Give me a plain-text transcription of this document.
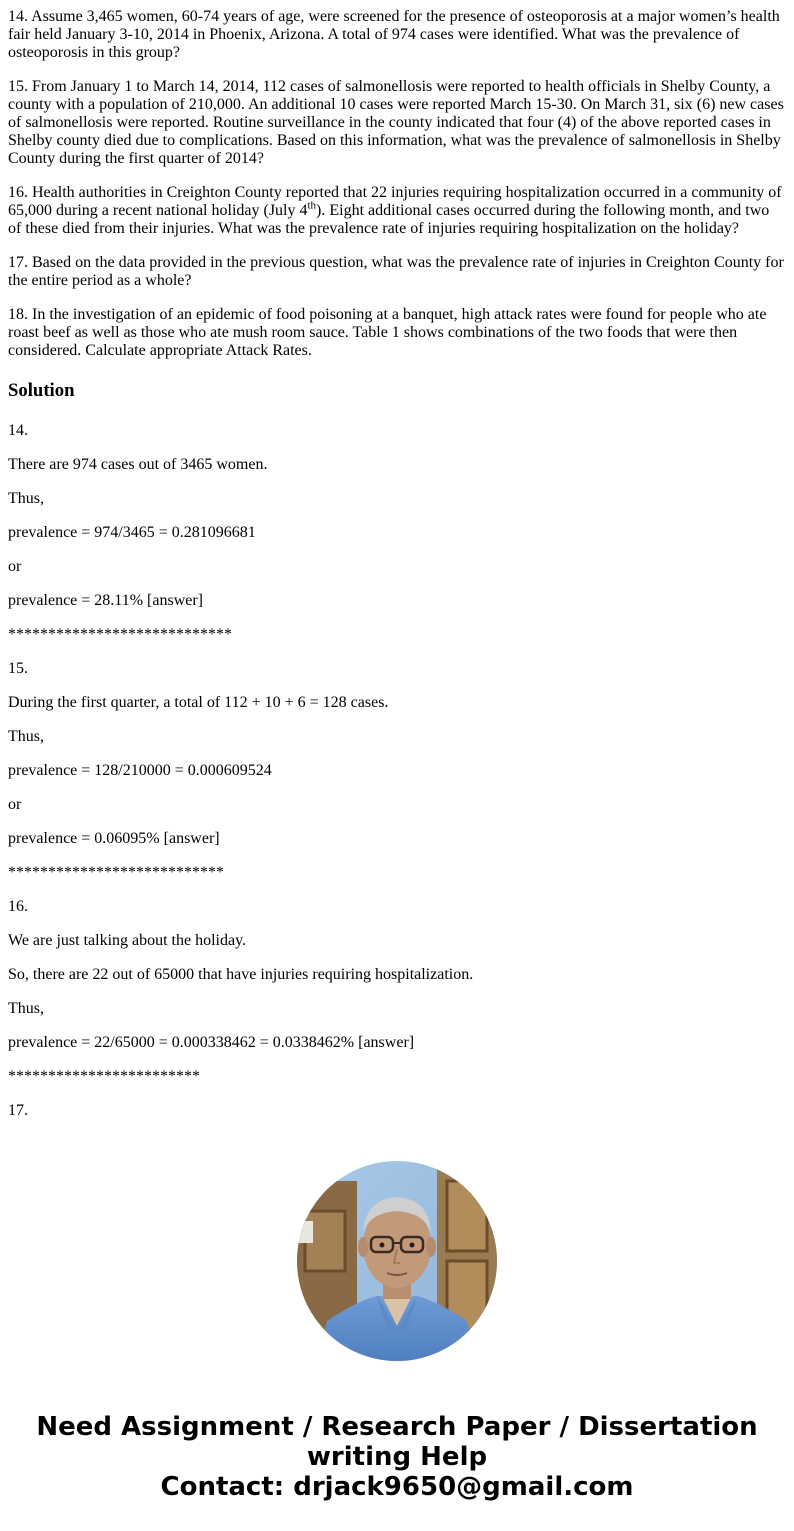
14. Assume 3,465 women, 60-74 years of age, were screened for the presence of osteoporosis at a major women’s health fair held January 3-10, 2014 in Phoenix, Arizona. A total of 974 cases were identified. What was the prevalence of osteoporosis in this group?

15. From January 1 to March 14, 2014, 112 cases of salmonellosis were reported to health officials in Shelby County, a county with a population of 210,000. An additional 10 cases were reported March 15-30. On March 31, six (6) new cases of salmonellosis were reported. Routine surveillance in the county indicated that four (4) of the above reported cases in Shelby county died due to complications. Based on this information, what was the prevalence of salmonellosis in Shelby County during the first quarter of 2014?

16. Health authorities in Creighton County reported that 22 injuries requiring hospitalization occurred in a community of 65,000 during a recent national holiday (July 4th). Eight additional cases occurred during the following month, and two of these died from their injuries. What was the prevalence rate of injuries requiring hospitalization on the holiday?

17. Based on the data provided in the previous question, what was the prevalence rate of injuries in Creighton County for the entire period as a whole?

18. In the investigation of an epidemic of food poisoning at a banquet, high attack rates were found for people who ate roast beef as well as those who ate mush room sauce. Table 1 shows combinations of the two foods that were then considered. Calculate appropriate Attack Rates.

Solution

14.

There are 974 cases out of 3465 women.

Thus,

prevalence = 974/3465 = 0.281096681

or

prevalence = 28.11% [answer]

****************************

15.

During the first quarter, a total of 112 + 10 + 6 = 128 cases.

Thus,

prevalence = 128/210000 = 0.000609524

or

prevalence = 0.06095% [answer]

***************************

16.

We are just talking about the holiday.

So, there are 22 out of 65000 that have injuries requiring hospitalization.

Thus,

prevalence = 22/65000 = 0.000338462 = 0.0338462% [answer]

************************

17.

Need Assignment / Research Paper / Dissertation
writing Help
Contact: drjack9650@gmail.com
